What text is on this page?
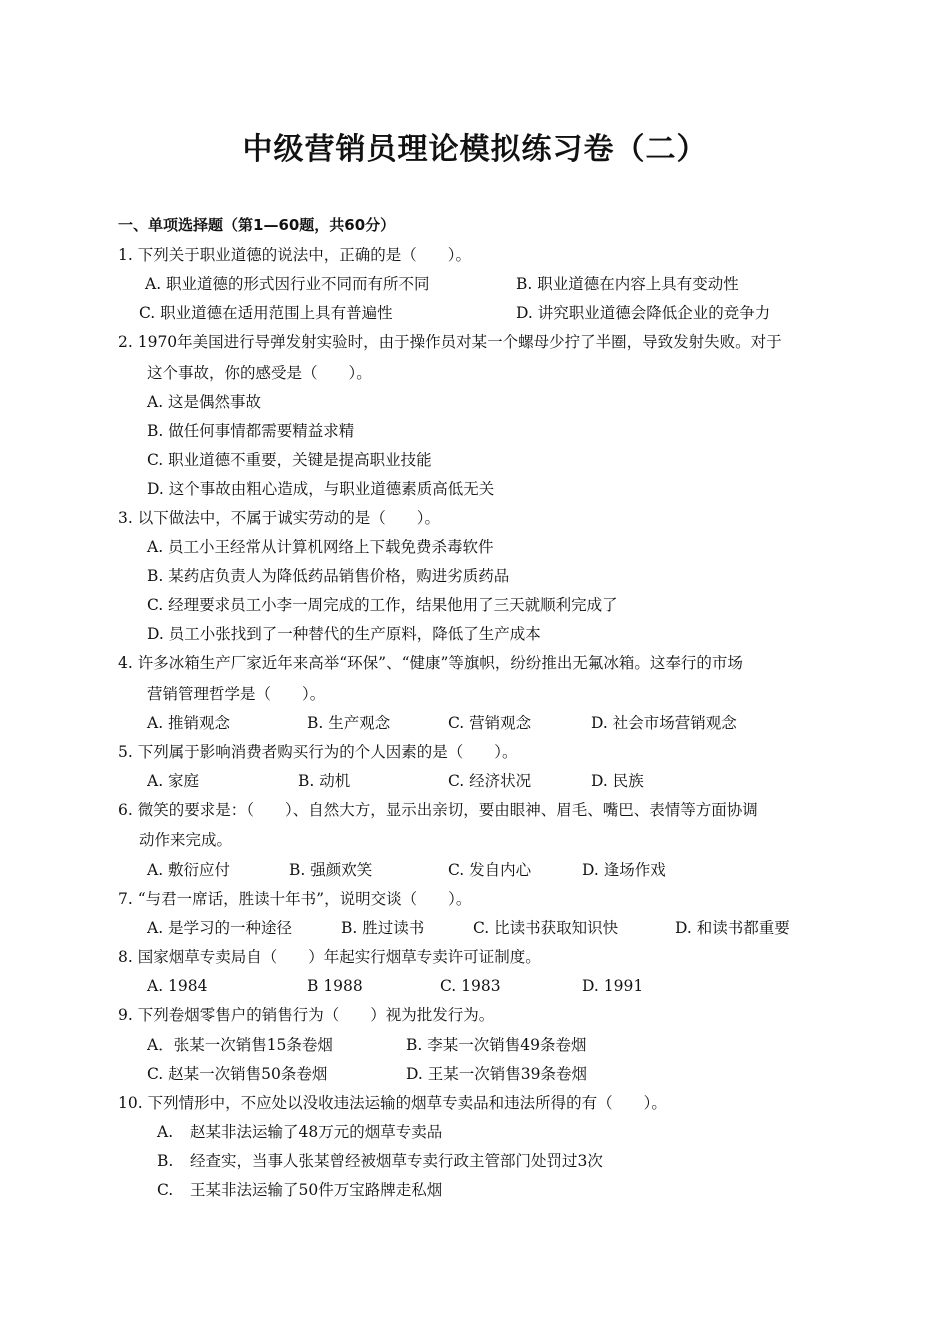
中级营销员理论模拟练习卷（二）
一、单项选择题（第1—60题，共60分）
1. 下列关于职业道德的说法中，正确的是（　　）。
A. 职业道德的形式因行业不同而有所不同	B. 职业道德在内容上具有变动性
C. 职业道德在适用范围上具有普遍性	D. 讲究职业道德会降低企业的竞争力
2. 1970年美国进行导弹发射实验时，由于操作员对某一个螺母少拧了半圈，导致发射失败。对于
这个事故，你的感受是（　　）。
A. 这是偶然事故
B. 做任何事情都需要精益求精
C. 职业道德不重要，关键是提高职业技能
D. 这个事故由粗心造成，与职业道德素质高低无关
3. 以下做法中，不属于诚实劳动的是（　　）。
A. 员工小王经常从计算机网络上下载免费杀毒软件
B. 某药店负责人为降低药品销售价格，购进劣质药品
C. 经理要求员工小李一周完成的工作，结果他用了三天就顺利完成了
D. 员工小张找到了一种替代的生产原料，降低了生产成本
4. 许多冰箱生产厂家近年来高举“环保”、“健康”等旗帜，纷纷推出无氟冰箱。这奉行的市场
营销管理哲学是（　　）。
A. 推销观念	B. 生产观念	C. 营销观念	D. 社会市场营销观念
5. 下列属于影响消费者购买行为的个人因素的是（　　）。
A. 家庭	B. 动机	C. 经济状况	D. 民族
6. 微笑的要求是：（　　）、自然大方，显示出亲切，要由眼神、眉毛、嘴巴、表情等方面协调
动作来完成。
A. 敷衍应付	B. 强颜欢笑	C. 发自内心	D. 逢场作戏
7. “与君一席话，胜读十年书”，说明交谈（　　）。
A. 是学习的一种途径	B. 胜过读书	C. 比读书获取知识快	D. 和读书都重要
8. 国家烟草专卖局自（　　）年起实行烟草专卖许可证制度。
A. 1984	B 1988	C. 1983	D. 1991
9. 下列卷烟零售户的销售行为（　　）视为批发行为。
A．张某一次销售15条卷烟	B. 李某一次销售49条卷烟
C. 赵某一次销售50条卷烟	D. 王某一次销售39条卷烟
10. 下列情形中，不应处以没收违法运输的烟草专卖品和违法所得的有（　　）。
A. 赵某非法运输了48万元的烟草专卖品
B. 经查实，当事人张某曾经被烟草专卖行政主管部门处罚过3次
C. 王某非法运输了50件万宝路牌走私烟
